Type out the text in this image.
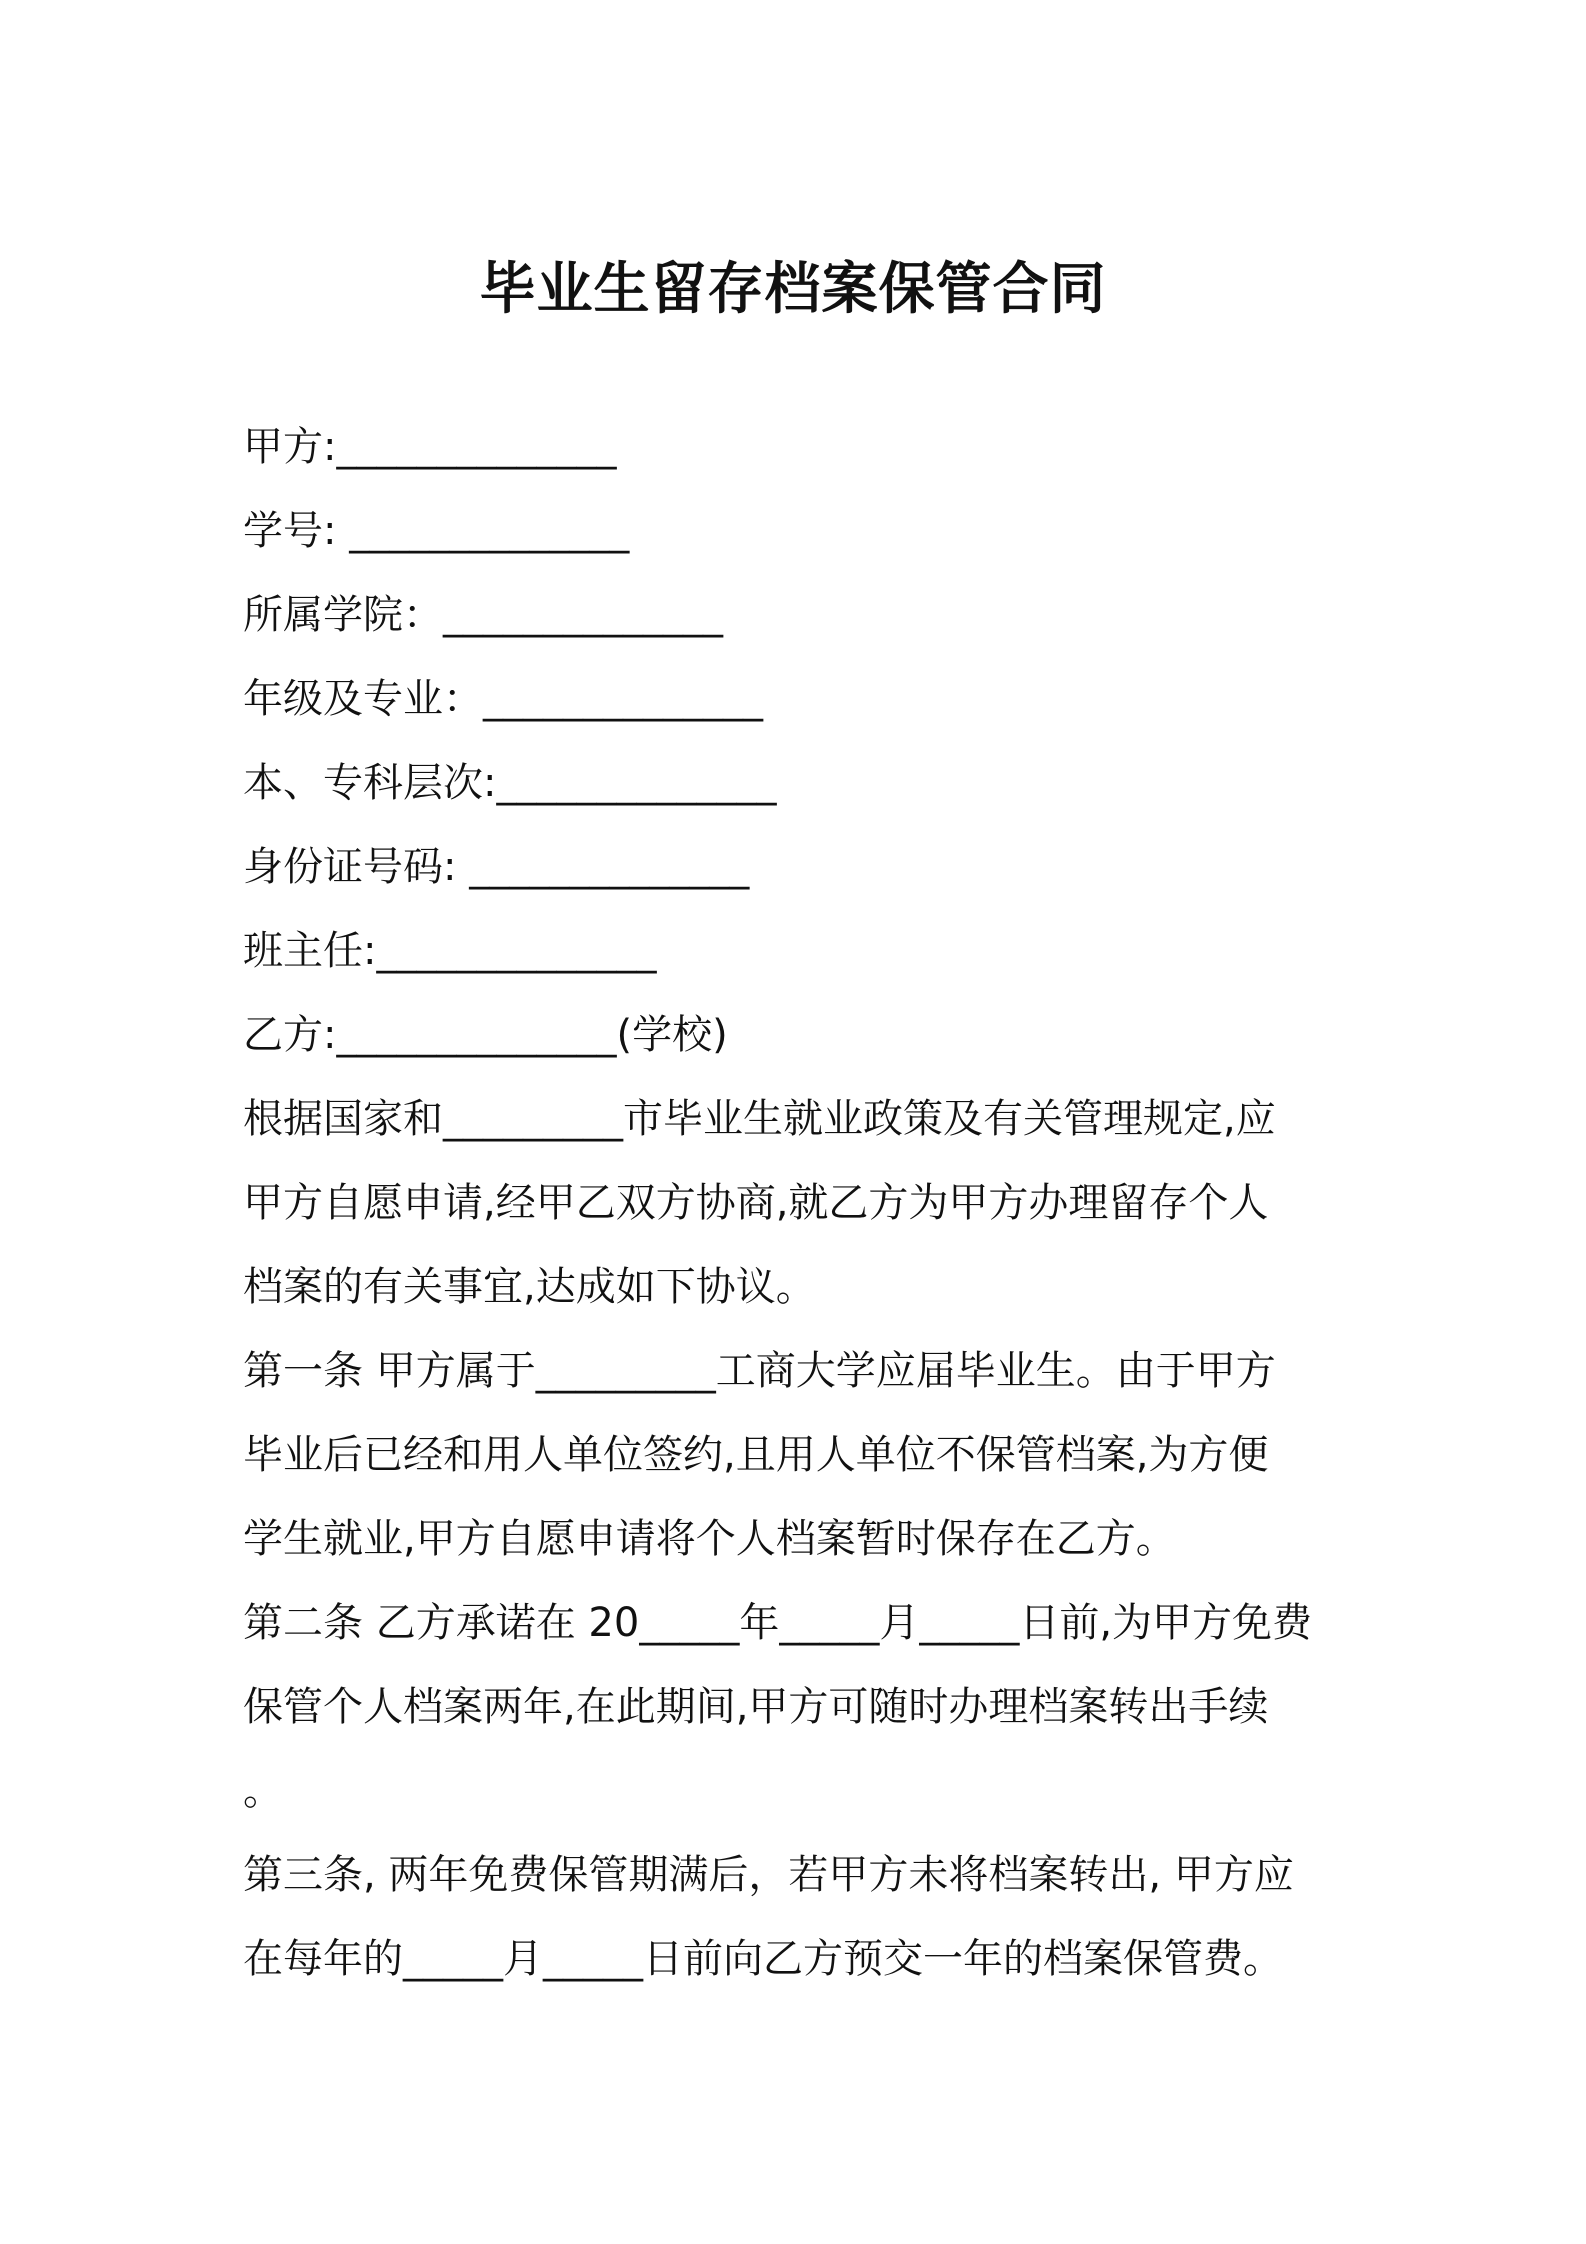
毕业生留存档案保管合同
甲方:______________
学号: ______________
所属学院：______________
年级及专业：______________
本、专科层次:______________
身份证号码: ______________
班主任:______________
乙方:______________(学校)
根据国家和_________市毕业生就业政策及有关管理规定,应
甲方自愿申请,经甲乙双方协商,就乙方为甲方办理留存个人
档案的有关事宜,达成如下协议。
第一条 甲方属于_________工商大学应届毕业生。由于甲方
毕业后已经和用人单位签约,且用人单位不保管档案,为方便
学生就业,甲方自愿申请将个人档案暂时保存在乙方。
第二条 乙方承诺在 20_____年_____月_____日前,为甲方免费
保管个人档案两年,在此期间,甲方可随时办理档案转出手续
。
第三条, 两年免费保管期满后，若甲方未将档案转出, 甲方应
在每年的_____月_____日前向乙方预交一年的档案保管费。
